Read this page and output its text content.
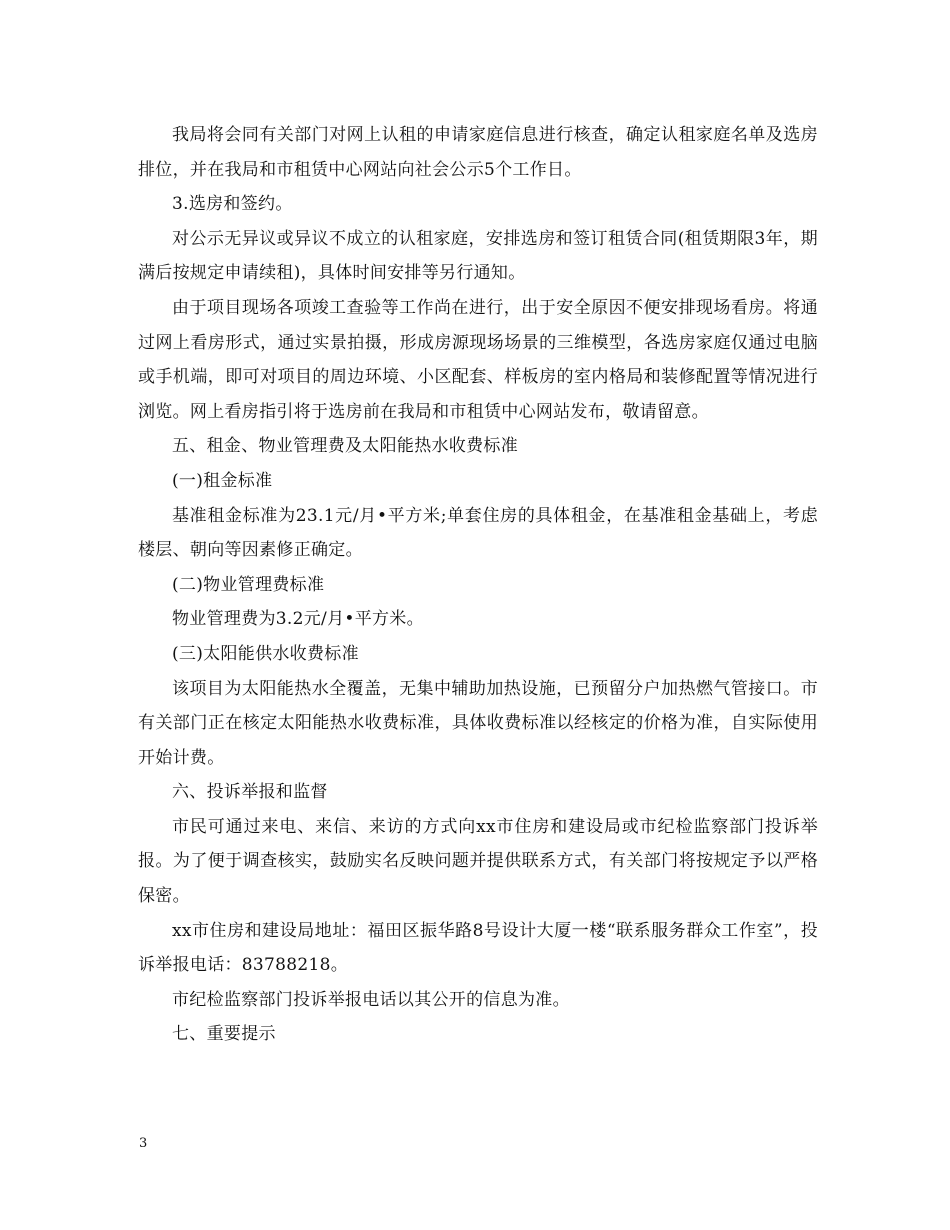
我局将会同有关部门对网上认租的申请家庭信息进行核查，确定认租家庭名单及选房排位，并在我局和市租赁中心网站向社会公示5个工作日。

3.选房和签约。

对公示无异议或异议不成立的认租家庭，安排选房和签订租赁合同(租赁期限3年，期满后按规定申请续租)，具体时间安排等另行通知。

由于项目现场各项竣工查验等工作尚在进行，出于安全原因不便安排现场看房。将通过网上看房形式，通过实景拍摄，形成房源现场场景的三维模型，各选房家庭仅通过电脑或手机端，即可对项目的周边环境、小区配套、样板房的室内格局和装修配置等情况进行浏览。网上看房指引将于选房前在我局和市租赁中心网站发布，敬请留意。

五、租金、物业管理费及太阳能热水收费标准

(一)租金标准

基准租金标准为23.1元/月•平方米;单套住房的具体租金，在基准租金基础上，考虑楼层、朝向等因素修正确定。

(二)物业管理费标准

物业管理费为3.2元/月•平方米。

(三)太阳能供水收费标准

该项目为太阳能热水全覆盖，无集中辅助加热设施，已预留分户加热燃气管接口。市有关部门正在核定太阳能热水收费标准，具体收费标准以经核定的价格为准，自实际使用开始计费。

六、投诉举报和监督

市民可通过来电、来信、来访的方式向xx市住房和建设局或市纪检监察部门投诉举报。为了便于调查核实，鼓励实名反映问题并提供联系方式，有关部门将按规定予以严格保密。

xx市住房和建设局地址：福田区振华路8号设计大厦一楼“联系服务群众工作室”，投诉举报电话：83788218。

市纪检监察部门投诉举报电话以其公开的信息为准。

七、重要提示

3
